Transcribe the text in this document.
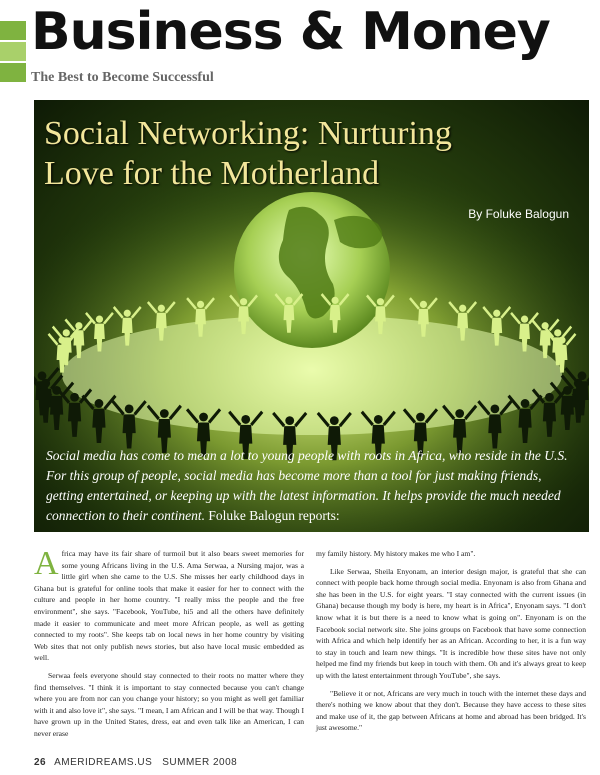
Business & Money
The Best to Become Successful
Social Networking: Nurturing
Love for the Motherland
By Foluke Balogun
Social media has come to mean a lot to young people with roots in Africa, who reside in the U.S. For this group of people, social media has become more than a tool for just making friends, getting entertained, or keeping up with the latest information. It helps provide the much needed connection to their continent. Foluke Balogun reports:

Africa may have its fair share of turmoil but it also bears sweet memories for some young Africans living in the U.S. Ama Serwaa, a Nursing major, was a little girl when she came to the U.S. She misses her early childhood days in Ghana but is grateful for online tools that make it easier for her to connect with the culture and people in her home country. "I really miss the people and the free environment", she says. "Facebook, YouTube, hi5 and all the others have definitely made it easier to communicate and meet more African people, as well as getting connected to my roots". She keeps tab on local news in her home country by visiting Web sites that not only publish news stories, but also have local music embedded as well.

Serwaa feels everyone should stay connected to their roots no matter where they find themselves. "I think it is important to stay connected because you can't change where you are from nor can you change your history; so you might as well get familiar with it and also love it", she says. "I mean, I am African and I will be that way. Though I have grown up in the United States, dress, eat and even talk like an American, I can never erase

my family history. My history makes me who I am".

Like Serwaa, Sheila Enyonam, an interior design major, is grateful that she can connect with people back home through social media. Enyonam is also from Ghana and she has been in the U.S. for eight years. "I stay connected with the current issues (in Ghana) because though my body is here, my heart is in Africa", Enyonam says. "I don't know what it is but there is a need to know what is going on". Enyonam is on the Facebook social network site. She joins groups on Facebook that have some connection with Africa and which help identify her as an African. According to her, it is a fun way to stay in touch and learn new things. "It is incredible how these sites have not only helped me find my friends but keep in touch with them. Oh and it's always great to keep up with the latest entertainment through YouTube", she says.

"Believe it or not, Africans are very much in touch with the internet these days and there's nothing we know about that they don't. Because they have access to these sites and make use of it, the gap between Africans at home and abroad has been bridged. It's just awesome."

26 AMERIDREAMS.US SUMMER 2008
